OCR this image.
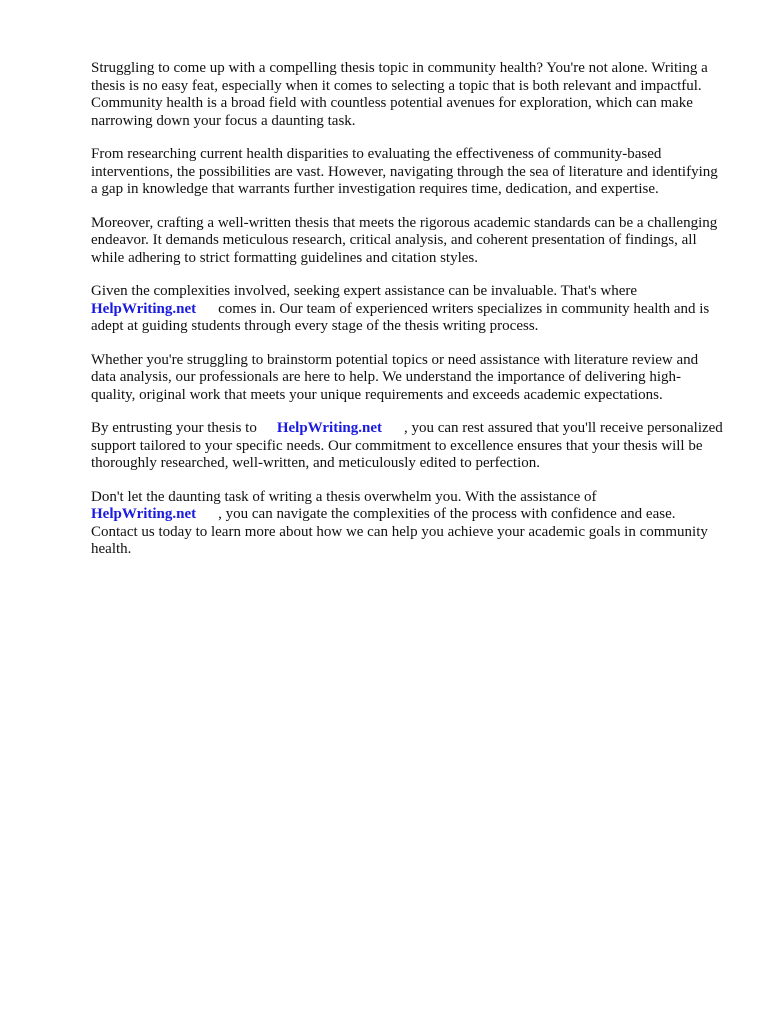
Struggling to come up with a compelling thesis topic in community health? You're not alone. Writing a thesis is no easy feat, especially when it comes to selecting a topic that is both relevant and impactful. Community health is a broad field with countless potential avenues for exploration, which can make narrowing down your focus a daunting task.

From researching current health disparities to evaluating the effectiveness of community-based interventions, the possibilities are vast. However, navigating through the sea of literature and identifying a gap in knowledge that warrants further investigation requires time, dedication, and expertise.

Moreover, crafting a well-written thesis that meets the rigorous academic standards can be a challenging endeavor. It demands meticulous research, critical analysis, and coherent presentation of findings, all while adhering to strict formatting guidelines and citation styles.

Given the complexities involved, seeking expert assistance can be invaluable. That's where
HelpWriting.net comes in. Our team of experienced writers specializes in community health and is adept at guiding students through every stage of the thesis writing process.

Whether you're struggling to brainstorm potential topics or need assistance with literature review and data analysis, our professionals are here to help. We understand the importance of delivering high-quality, original work that meets your unique requirements and exceeds academic expectations.

By entrusting your thesis to HelpWriting.net , you can rest assured that you'll receive personalized support tailored to your specific needs. Our commitment to excellence ensures that your thesis will be thoroughly researched, well-written, and meticulously edited to perfection.

Don't let the daunting task of writing a thesis overwhelm you. With the assistance of
HelpWriting.net , you can navigate the complexities of the process with confidence and ease. Contact us today to learn more about how we can help you achieve your academic goals in community health.
